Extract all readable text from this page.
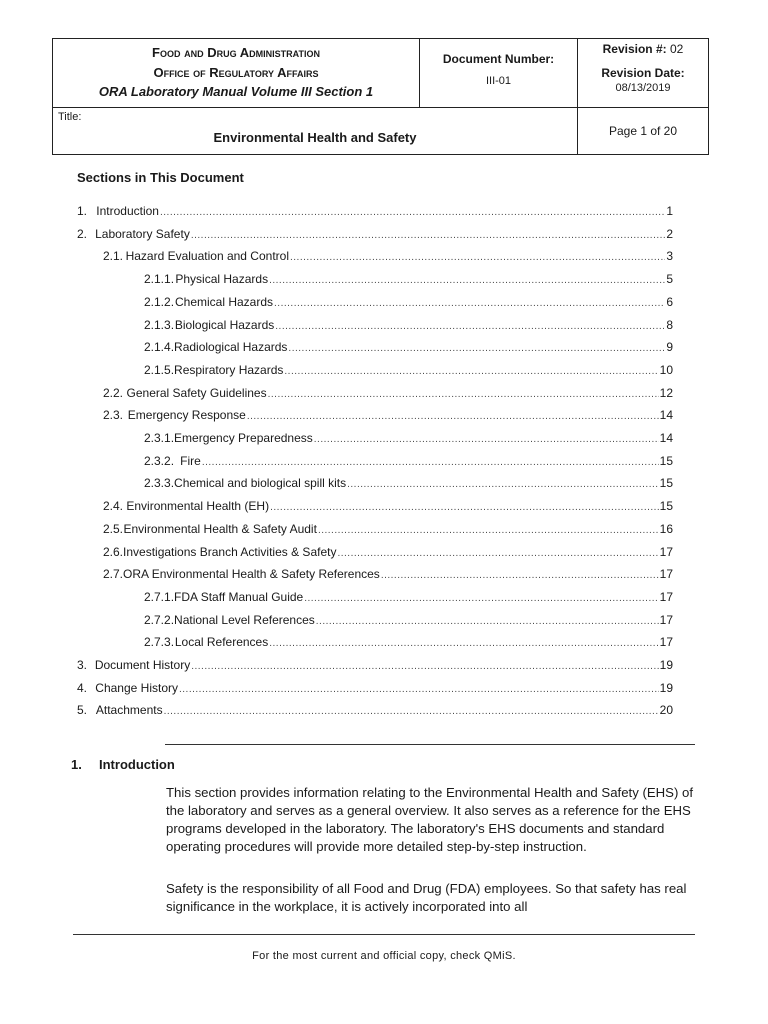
Food and Drug Administration
Office of Regulatory Affairs
ORA Laboratory Manual Volume III Section 1
Document Number:
III-01
Revision #: 02
Revision Date:
08/13/2019
Title:
Environmental Health and Safety	Page 1 of 20
Sections in This Document
1. Introduction .....	1
2. Laboratory Safety .....	2
2.1. Hazard Evaluation and Control .....	3
2.1.1. Physical Hazards .....	5
2.1.2. Chemical Hazards .....	6
2.1.3. Biological Hazards .....	8
2.1.4. Radiological Hazards .....	9
2.1.5. Respiratory Hazards .....	10
2.2. General Safety Guidelines .....	12
2.3. Emergency Response .....	14
2.3.1. Emergency Preparedness .....	14
2.3.2. Fire .....	15
2.3.3. Chemical and biological spill kits .....	15
2.4. Environmental Health (EH) .....	15
2.5. Environmental Health & Safety Audit .....	16
2.6. Investigations Branch Activities & Safety .....	17
2.7. ORA Environmental Health & Safety References .....	17
2.7.1. FDA Staff Manual Guide .....	17
2.7.2. National Level References .....	17
2.7.3. Local References .....	17
3. Document History .....	19
4. Change History .....	19
5. Attachments .....	20
1. Introduction
This section provides information relating to the Environmental Health and Safety (EHS) of the laboratory and serves as a general overview. It also serves as a reference for the EHS programs developed in the laboratory. The laboratory's EHS documents and standard operating procedures will provide more detailed step-by-step instruction.
Safety is the responsibility of all Food and Drug (FDA) employees. So that safety has real significance in the workplace, it is actively incorporated into all
For the most current and official copy, check QMiS.
